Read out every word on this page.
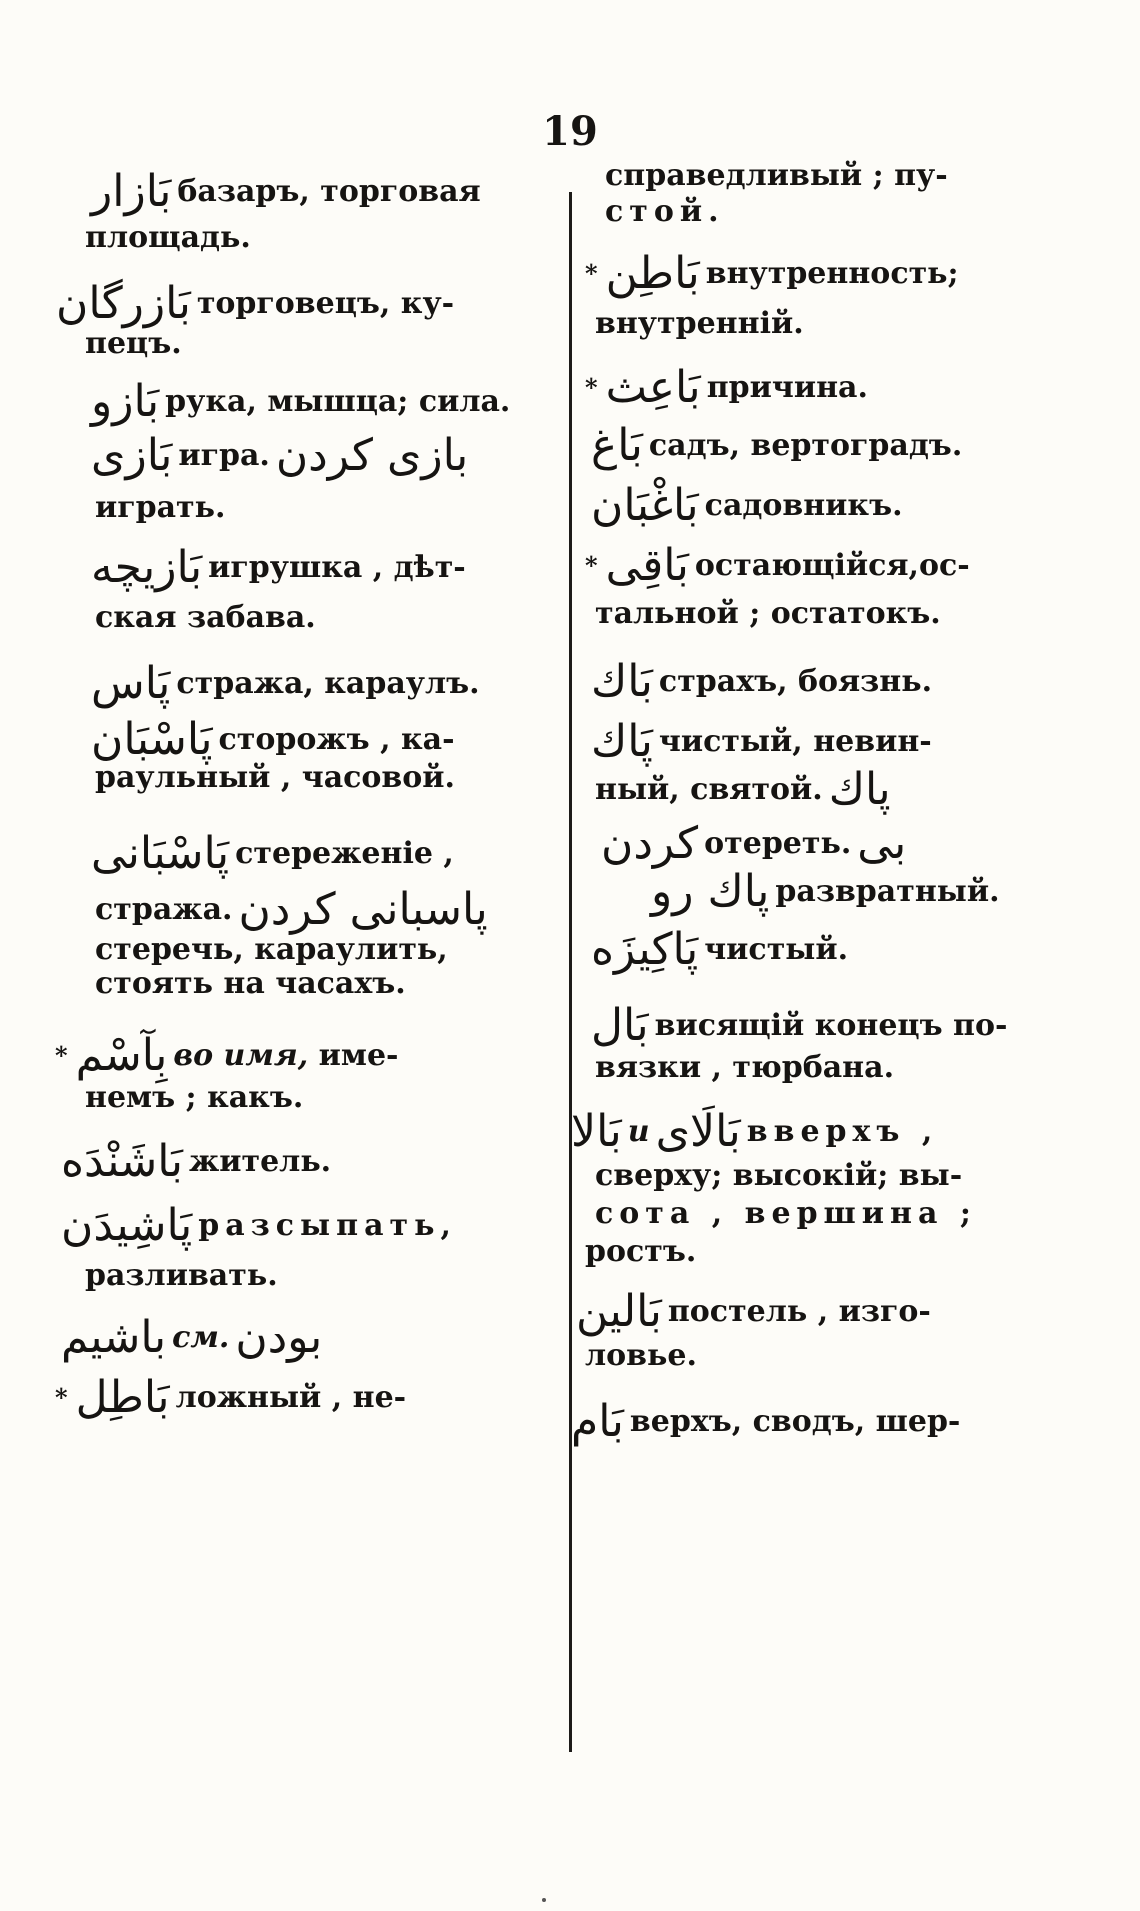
19
بَازار базаръ, торговая
площадь.
بَازرگان торговецъ, ку-
пецъ.
بَازو рука, мышца; сила.
بَازى игра. بازى كردن
играть.
بَازيچه игрушка , дѣт-
ская забава.
پَاس стража, караулъ.
پَاسْبَان сторожъ , ка-
раульный , часовой.
پَاسْبَانى стереженіе ,
стража. پاسبانى كردن
стеречь, караулить,
стоять на часахъ.
* بِآسْم во имя, име-
немъ ; какъ.
بَاشَنْدَه житель.
پَاشِيدَن разсыпать,
разливать.
باشيم см. بودن
* بَاطِل ложный , не-
справедливый ; пу-
стой.
* بَاطِن внутренность;
внутренній.
* بَاعِث причина.
بَاغ садъ, вертоградъ.
بَاغْبَان садовникъ.
* بَاقِى остающійся,ос-
тальной ; остатокъ.
بَاك страхъ, боязнь.
پَاك чистый, невин-
ный, святой. پاك
كردن отереть. بى
پاك رو развратный.
پَاكِيزَه чистый.
بَال висящій конецъ по-
вязки , тюрбана.
بَالا и بَالَاى вверхъ ,
сверху; высокій; вы-
сота , вершина ;
ростъ.
بَالين постель , изго-
ловье.
بَام верхъ, сводъ, шер-
